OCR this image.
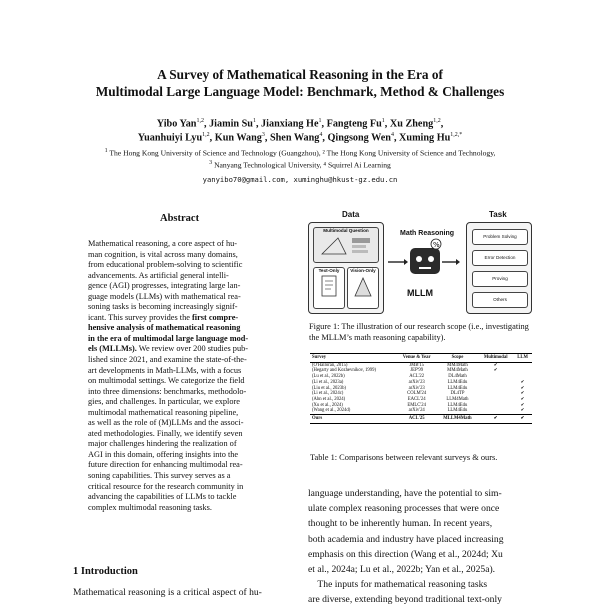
A Survey of Mathematical Reasoning in the Era of
Multimodal Large Language Model: Benchmark, Method & Challenges
Yibo Yan$^{1,2}$, Jiamin Su$^1$, Jianxiang He$^1$, Fangteng Fu$^1$, Xu Zheng$^{1,2}$,
Yuanhuiyi Lyu$^{1,2}$, Kun Wang$^3$, Shen Wang$^4$, Qingsong Wen$^4$, Xuming $Hu^{1,2,*}$
$^1$ The Hong Kong University of Science and Technology (Guangzhou), ² The Hong Kong University of Science and Technology,
$^3$ Nanyang Technological University, ⁴ Squirrel Ai Learning
yanyibo70@gmail.com, xuminghu@hkust-gz.edu.cn
Abstract
Mathematical reasoning, a core aspect of hu-
man cognition, is vital across many domains,
from educational problem-solving to scientific
advancements. As artificial general intelli-
gence (AGI) progresses, integrating large lan-
guage models (LLMs) with mathematical rea-
soning tasks is becoming increasingly signif-
icant. This survey provides the first compre-
hensive analysis of mathematical reasoning
in the era of multimodal large language mod-
els (MLLMs). We review over 200 studies pub-
lished since 2021, and examine the state-of-the-
art developments in Math-LLMs, with a focus
on multimodal settings. We categorize the field
into three dimensions: benchmarks, methodolo-
gies, and challenges. In particular, we explore
multimodal mathematical reasoning pipeline,
as well as the role of (M)LLMs and the associ-
ated methodologies. Finally, we identify seven
major challenges hindering the realization of
AGI in this domain, offering insights into the
future direction for enhancing multimodal rea-
soning capabilities. This survey serves as a
critical resource for the research community in
advancing the capabilities of LLMs to tackle
complex multimodal reasoning tasks.
1 Introduction
Mathematical reasoning is a critical aspect of hu-
Data	Task
Multimodal Question
Text-Only	Vision-Only
Math Reasoning
%
MLLM
Problem Solving
Error Detection
Proving
Others
Figure 1: The illustration of our research scope (i.e., investigating the MLLM’s math reasoning capability).
Survey	Venue & Year	Scope	Multimodal	LLM
(O'Halloran, 2015)	JMB'15	MM4Math	✔	
(Hegarty and Kozhevnikov, 1999)	JEP'99	MM4Math	✔	
(Lu et al., 2022b)	ACL'22	DL4Math		
(Li et al., 2023a)	arXiv'23	LLM4Edu		✔
(Liu et al., 2023b)	arXiv'23	LLM4Edu		✔
(Li et al., 2024c)	COLM'24	DL4TP		✔
(Ahn et al., 2024)	EACL'24	LLM4Math		✔
(Xu et al., 2024)	EMLC'24	LLM4Edu		✔
(Wang et al., 2024d)	arXiv'24	LLM4Edu		✔
Ours	ACL'25	MLLM4Math	✔	✔
Table 1: Comparisons between relevant surveys & ours.
language understanding, have the potential to sim-
ulate complex reasoning processes that were once
thought to be inherently human. In recent years,
both academia and industry have placed increasing
emphasis on this direction (Wang et al., 2024d; Xu
et al., 2024a; Lu et al., 2022b; Yan et al., 2025a).
The inputs for mathematical reasoning tasks
are diverse, extending beyond traditional text-only
